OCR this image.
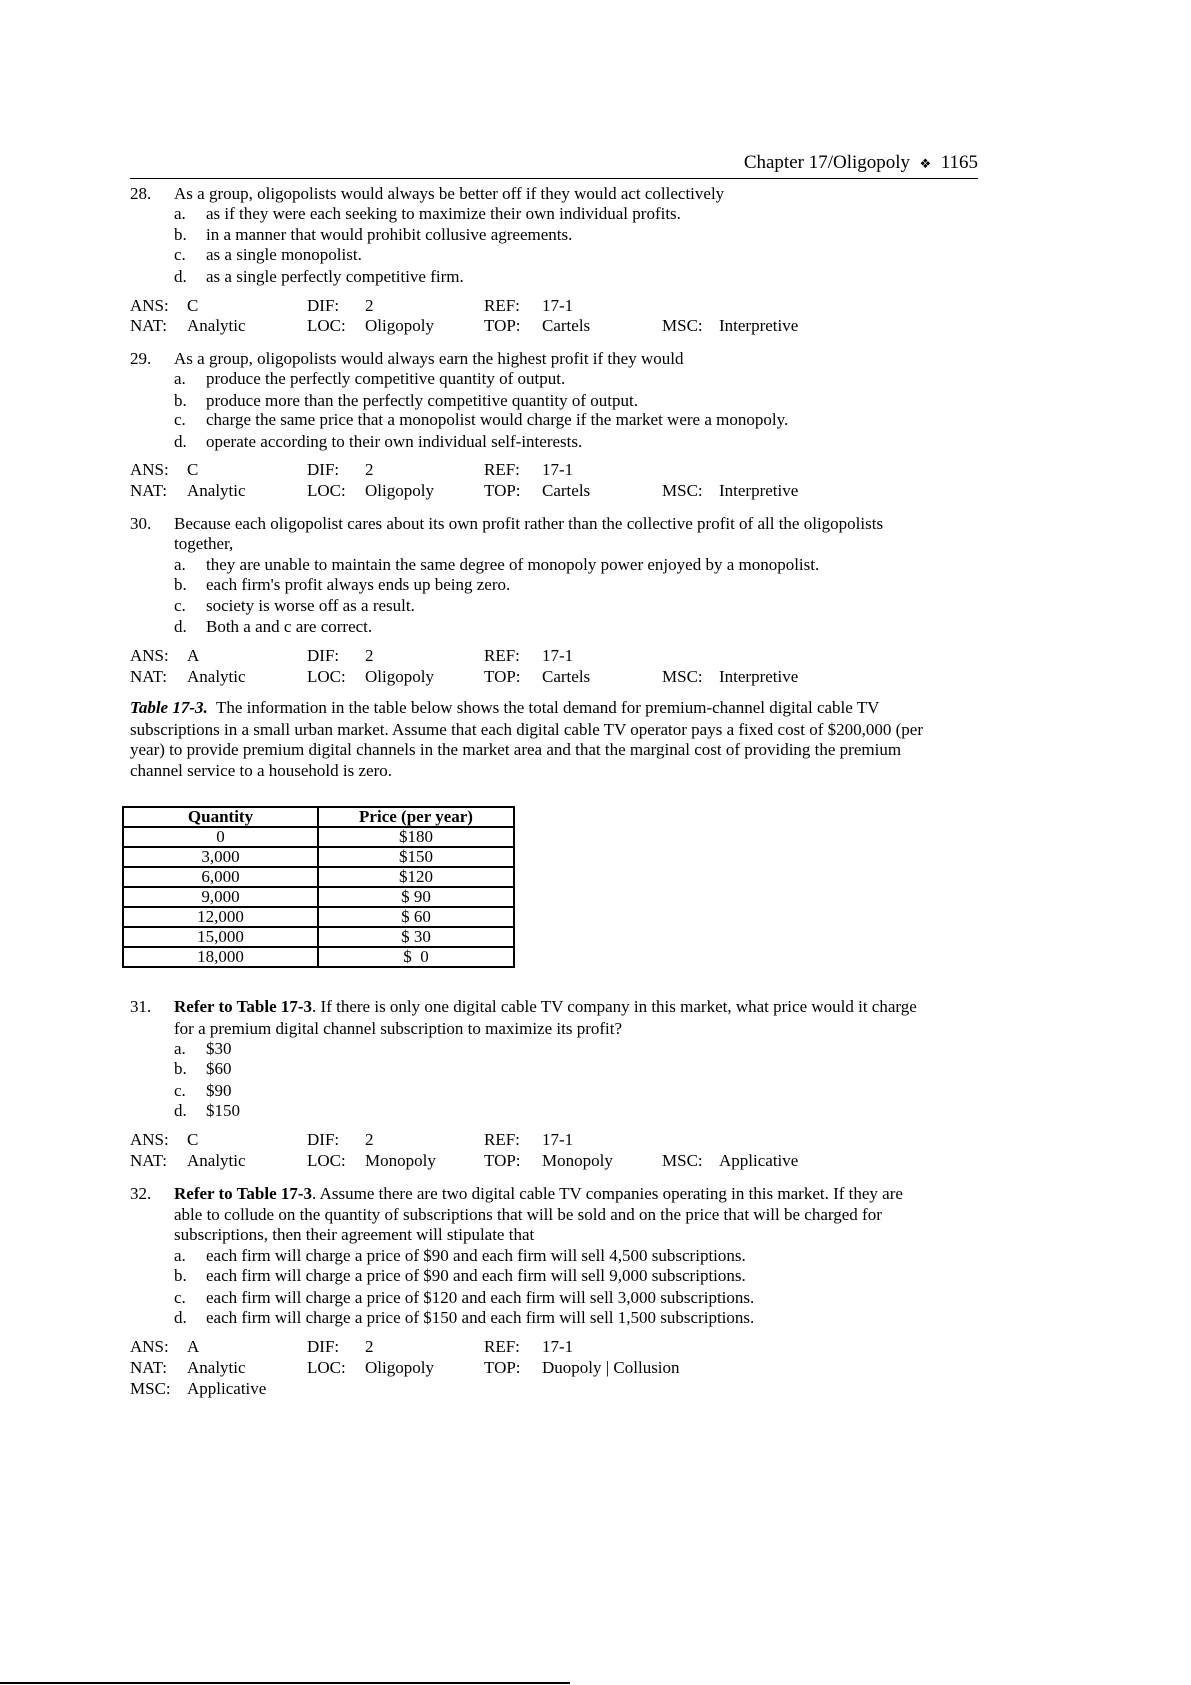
Chapter 17/Oligopoly ❖ 1165
28. As a group, oligopolists would always be better off if they would act collectively
a. as if they were each seeking to maximize their own individual profits.
b. in a manner that would prohibit collusive agreements.
c. as a single monopolist.
d. as a single perfectly competitive firm.
ANS: C	DIF: 2	REF: 17-1
NAT: Analytic	LOC: Oligopoly	TOP: Cartels	MSC: Interpretive
29. As a group, oligopolists would always earn the highest profit if they would
a. produce the perfectly competitive quantity of output.
b. produce more than the perfectly competitive quantity of output.
c. charge the same price that a monopolist would charge if the market were a monopoly.
d. operate according to their own individual self-interests.
ANS: C	DIF: 2	REF: 17-1
NAT: Analytic	LOC: Oligopoly	TOP: Cartels	MSC: Interpretive
30. Because each oligopolist cares about its own profit rather than the collective profit of all the oligopolists
together,
a. they are unable to maintain the same degree of monopoly power enjoyed by a monopolist.
b. each firm's profit always ends up being zero.
c. society is worse off as a result.
d. Both a and c are correct.
ANS: A	DIF: 2	REF: 17-1
NAT: Analytic	LOC: Oligopoly	TOP: Cartels	MSC: Interpretive
31. Refer to Table 17-3. If there is only one digital cable TV company in this market, what price would it charge
for a premium digital channel subscription to maximize its profit?
a. $30
b. $60
c. $90
d. $150
ANS: C	DIF: 2	REF: 17-1
NAT: Analytic	LOC: Monopoly	TOP: Monopoly	MSC: Applicative
32. Refer to Table 17-3. Assume there are two digital cable TV companies operating in this market. If they are
able to collude on the quantity of subscriptions that will be sold and on the price that will be charged for
subscriptions, then their agreement will stipulate that
a. each firm will charge a price of $90 and each firm will sell 4,500 subscriptions.
b. each firm will charge a price of $90 and each firm will sell 9,000 subscriptions.
c. each firm will charge a price of $120 and each firm will sell 3,000 subscriptions.
d. each firm will charge a price of $150 and each firm will sell 1,500 subscriptions.
ANS: A	DIF: 2	REF: 17-1
NAT: Analytic	LOC: Oligopoly	TOP: Duopoly | Collusion
MSC: Applicative
Table 17-3. The information in the table below shows the total demand for premium-channel digital cable TV
subscriptions in a small urban market. Assume that each digital cable TV operator pays a fixed cost of $200,000 (per
year) to provide premium digital channels in the market area and that the marginal cost of providing the premium
channel service to a household is zero.
Quantity	Price (per year)
0	$180
3,000	$150
6,000	$120
9,000	$ 90
12,000	$ 60
15,000	$ 30
18,000	$  0
